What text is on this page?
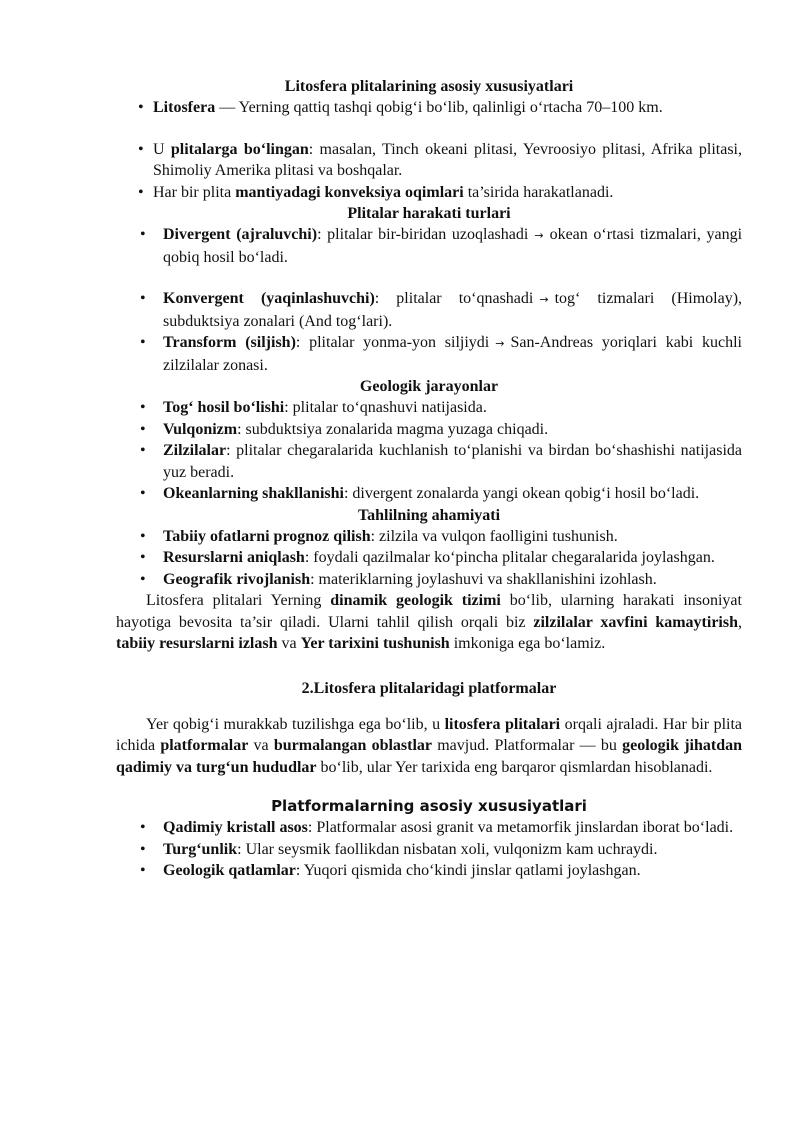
Litosfera plitalarining asosiy xususiyatlari
• Litosfera — Yerning qattiq tashqi qobig‘i bo‘lib, qalinligi o‘rtacha 70–100 km.
• U plitalarga bo‘lingan: masalan, Tinch okeani plitasi, Yevroosiyo plitasi, Afrika plitasi, Shimoliy Amerika plitasi va boshqalar.
• Har bir plita mantiyadagi konveksiya oqimlari ta’sirida harakatlanadi.
Plitalar harakati turlari
• Divergent (ajraluvchi): plitalar bir-biridan uzoqlashadi → okean o‘rtasi tizmalari, yangi qobiq hosil bo‘ladi.
• Konvergent (yaqinlashuvchi): plitalar to‘qnashadi → tog‘ tizmalari (Himolay), subduktsiya zonalari (And tog‘lari).
• Transform (siljish): plitalar yonma-yon siljiydi → San-Andreas yoriqlari kabi kuchli zilzilalar zonasi.
Geologik jarayonlar
• Tog‘ hosil bo‘lishi: plitalar to‘qnashuvi natijasida.
• Vulqonizm: subduktsiya zonalarida magma yuzaga chiqadi.
• Zilzilalar: plitalar chegaralarida kuchlanish to‘planishi va birdan bo‘shashishi natijasida yuz beradi.
• Okeanlarning shakllanishi: divergent zonalarda yangi okean qobig‘i hosil bo‘ladi.
Tahlilning ahamiyati
• Tabiiy ofatlarni prognoz qilish: zilzila va vulqon faolligini tushunish.
• Resurslarni aniqlash: foydali qazilmalar ko‘pincha plitalar chegaralarida joylashgan.
• Geografik rivojlanish: materiklarning joylashuvi va shakllanishini izohlash.

Litosfera plitalari Yerning dinamik geologik tizimi bo‘lib, ularning harakati insoniyat hayotiga bevosita ta’sir qiladi. Ularni tahlil qilish orqali biz zilzilalar xavfini kamaytirish, tabiiy resurslarni izlash va Yer tarixini tushunish imkoniga ega bo‘lamiz.

2.Litosfera plitalaridagi platformalar

Yer qobig‘i murakkab tuzilishga ega bo‘lib, u litosfera plitalari orqali ajraladi. Har bir plita ichida platformalar va burmalangan oblastlar mavjud. Platformalar — bu geologik jihatdan qadimiy va turg‘un hududlar bo‘lib, ular Yer tarixida eng barqaror qismlardan hisoblanadi.

Platformalarning asosiy xususiyatlari
• Qadimiy kristall asos: Platformalar asosi granit va metamorfik jinslardan iborat bo‘ladi.
• Turg‘unlik: Ular seysmik faollikdan nisbatan xoli, vulqonizm kam uchraydi.
• Geologik qatlamlar: Yuqori qismida cho‘kindi jinslar qatlami joylashgan.
